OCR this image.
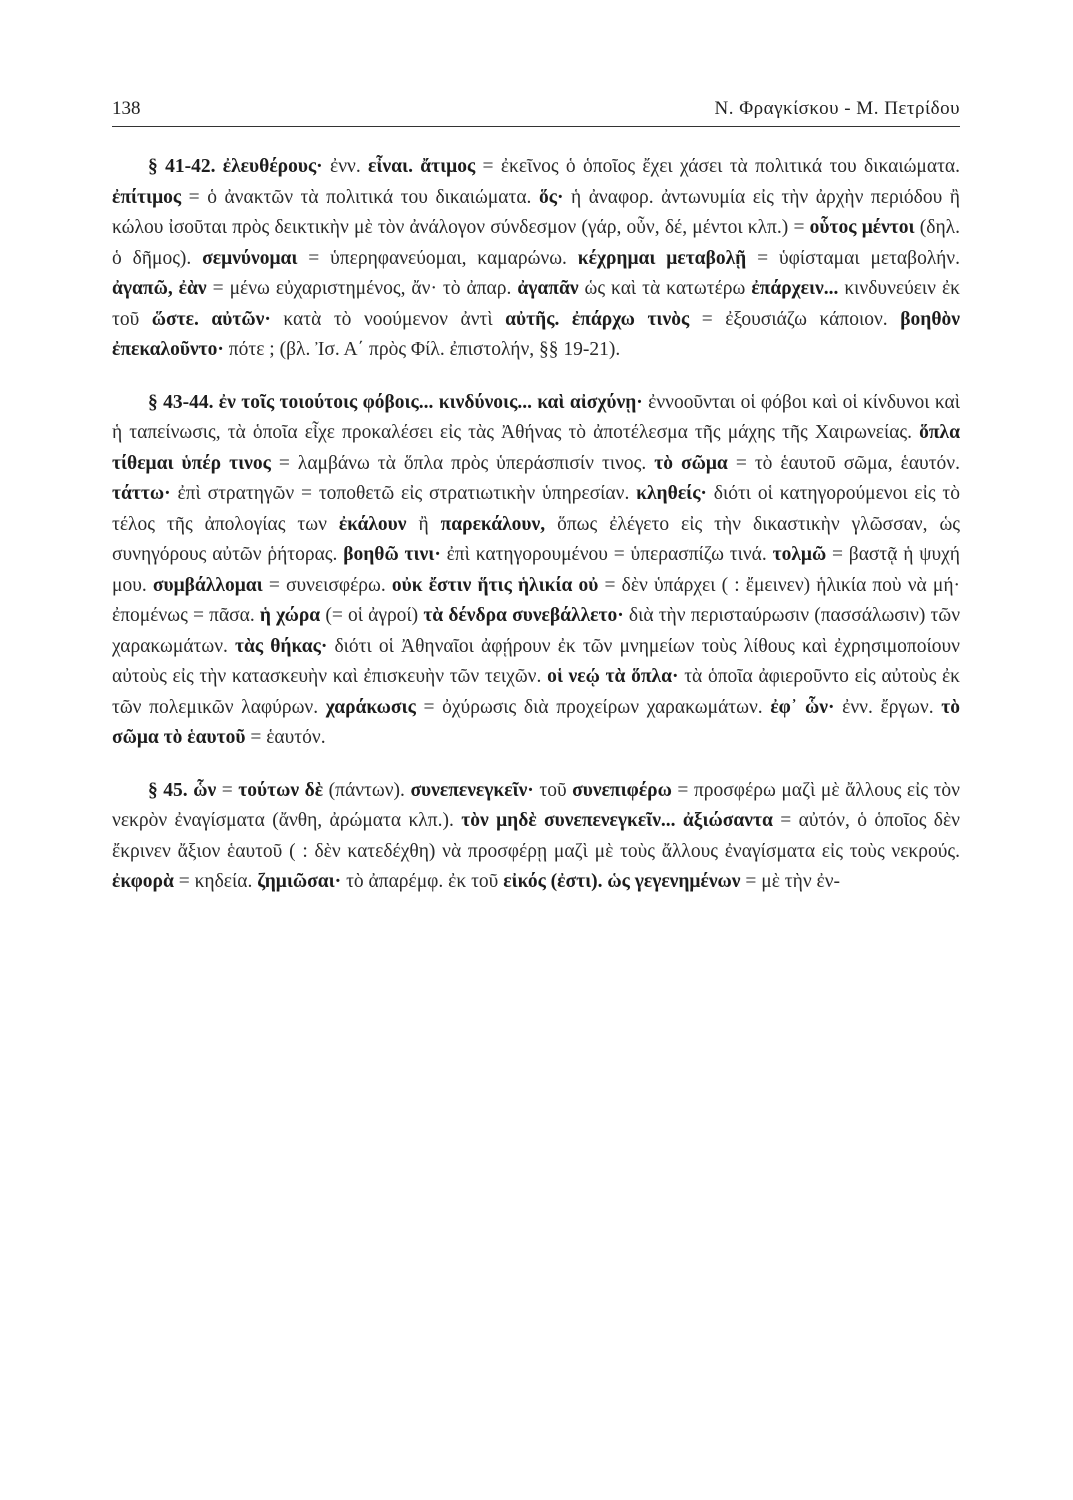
138	Ν. Φραγκίσκου - Μ. Πετρίδου

§ 41-42. ἐλευθέρους· ἐνν. εἶναι. ἄτιμος = ἐκεῖνος ὁ ὁποῖος ἔχει χάσει τὰ πολιτικά του δικαιώματα. ἐπίτιμος = ὁ ἀνακτῶν τὰ πολιτικά του δικαιώματα. ὅς· ἡ ἀναφορ. ἀντωνυμία εἰς τὴν ἀρχὴν περιόδου ἢ κώλου ἰσοῦται πρὸς δεικτικὴν μὲ τὸν ἀνάλογον σύνδεσμον (γάρ, οὖν, δέ, μέντοι κλπ.) = οὗτος μέντοι (δηλ. ὁ δῆμος). σεμνύνομαι = ὑπερηφανεύομαι, καμαρώνω. κέχρημαι μεταβολῇ = ὑφίσταμαι μεταβολήν. ἀγαπῶ, ἐὰν = μένω εὐχαριστημένος, ἄν· τὸ ἀπαρ. ἀγαπᾶν ὡς καὶ τὰ κατωτέρω ἐπάρχειν... κινδυνεύειν ἐκ τοῦ ὥστε. αὐτῶν· κατὰ τὸ νοούμενον ἀντὶ αὐτῆς. ἐπάρχω τινὸς = ἐξουσιάζω κάποιον. βοηθὸν ἐπεκαλοῦντο· πότε ; (βλ. Ἰσ. Α΄ πρὸς Φίλ. ἐπιστολήν, §§ 19-21).

§ 43-44. ἐν τοῖς τοιούτοις φόβοις... κινδύνοις... καὶ αἰσχύνῃ· ἐννοοῦνται οἱ φόβοι καὶ οἱ κίνδυνοι καὶ ἡ ταπείνωσις, τὰ ὁποῖα εἶχε προκαλέσει εἰς τὰς Ἀθήνας τὸ ἀποτέλεσμα τῆς μάχης τῆς Χαιρωνείας. ὅπλα τίθεμαι ὑπέρ τινος = λαμβάνω τὰ ὅπλα πρὸς ὑπεράσπισίν τινος. τὸ σῶμα = τὸ ἑαυτοῦ σῶμα, ἑαυτόν. τάττω· ἐπὶ στρατηγῶν = τοποθετῶ εἰς στρατιωτικὴν ὑπηρεσίαν. κληθείς· διότι οἱ κατηγορούμενοι εἰς τὸ τέλος τῆς ἀπολογίας των ἐκάλουν ἢ παρεκάλουν, ὅπως ἐλέγετο εἰς τὴν δικαστικὴν γλῶσσαν, ὡς συνηγόρους αὐτῶν ῥήτορας. βοηθῶ τινι· ἐπὶ κατηγορουμένου = ὑπερασπίζω τινά. τολμῶ = βαστᾷ ἡ ψυχή μου. συμβάλλομαι = συνεισφέρω. οὐκ ἔστιν ἥτις ἡλικία οὐ = δὲν ὑπάρχει ( : ἔμεινεν) ἡλικία ποὺ νὰ μή· ἐπομένως = πᾶσα. ἡ χώρα (= οἱ ἀγροί) τὰ δένδρα συνεβάλλετο· διὰ τὴν περισταύρωσιν (πασσάλωσιν) τῶν χαρακωμάτων. τὰς θήκας· διότι οἱ Ἀθηναῖοι ἀφῄρουν ἐκ τῶν μνημείων τοὺς λίθους καὶ ἐχρησιμοποίουν αὐτοὺς εἰς τὴν κατασκευὴν καὶ ἐπισκευὴν τῶν τειχῶν. οἱ νεῴ τὰ ὅπλα· τὰ ὁποῖα ἀφιεροῦντο εἰς αὐτοὺς ἐκ τῶν πολεμικῶν λαφύρων. χαράκωσις = ὀχύρωσις διὰ προχείρων χαρακωμάτων. ἐφ᾽ ὧν· ἐνν. ἔργων. τὸ σῶμα τὸ ἑαυτοῦ = ἑαυτόν.

§ 45. ὧν = τούτων δὲ (πάντων). συνεπενεγκεῖν· τοῦ συνεπιφέρω = προσφέρω μαζὶ μὲ ἄλλους εἰς τὸν νεκρὸν ἐναγίσματα (ἄνθη, ἀρώματα κλπ.). τὸν μηδὲ συνεπενεγκεῖν... ἀξιώσαντα = αὐτόν, ὁ ὁποῖος δὲν ἔκρινεν ἄξιον ἑαυτοῦ ( : δὲν κατεδέχθη) νὰ προσφέρῃ μαζὶ μὲ τοὺς ἄλλους ἐναγίσματα εἰς τοὺς νεκρούς. ἐκφορὰ = κηδεία. ζημιῶσαι· τὸ ἀπαρέμφ. ἐκ τοῦ εἰκός (ἐστι). ὡς γεγενημένων = μὲ τὴν ἐν-
